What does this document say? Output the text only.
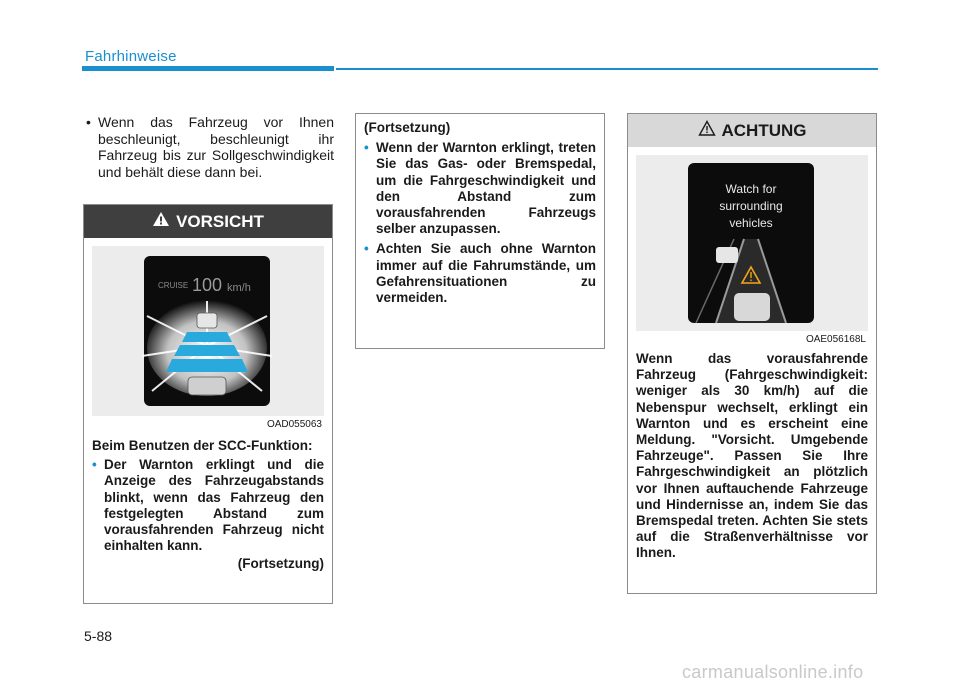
Fahrhinweise
• Wenn das Fahrzeug vor Ihnen beschleunigt, beschleunigt ihr Fahrzeug bis zur Sollgeschwindigkeit und behält diese dann bei.
VORSICHT
CRUISE 100 km/h
OAD055063

Beim Benutzen der SCC-Funktion:

• Der Warnton erklingt und die Anzeige des Fahrzeugabstands blinkt, wenn das Fahrzeug den festgelegten Abstand zum vorausfahrenden Fahrzeug nicht einhalten kann.

(Fortsetzung)

(Fortsetzung)

• Wenn der Warnton erklingt, treten Sie das Gas- oder Bremspedal, um die Fahrgeschwindigkeit und den Abstand zum vorausfahrenden Fahrzeugs selber anzupassen.
• Achten Sie auch ohne Warnton immer auf die Fahrumstände, um Gefahrensituationen zu vermeiden.
ACHTUNG
Watch for
surrounding
vehicles
OAE056168L

Wenn das vorausfahrende Fahrzeug (Fahrgeschwindigkeit: weniger als 30 km/h) auf die Nebenspur wechselt, erklingt ein Warnton und es erscheint eine Meldung. "Vorsicht. Umgebende Fahrzeuge". Passen Sie Ihre Fahrgeschwindigkeit an plötzlich vor Ihnen auftauchende Fahrzeuge und Hindernisse an, indem Sie das Bremspedal treten. Achten Sie stets auf die Straßenverhältnisse vor Ihnen.

5-88
carmanualsonline.info
